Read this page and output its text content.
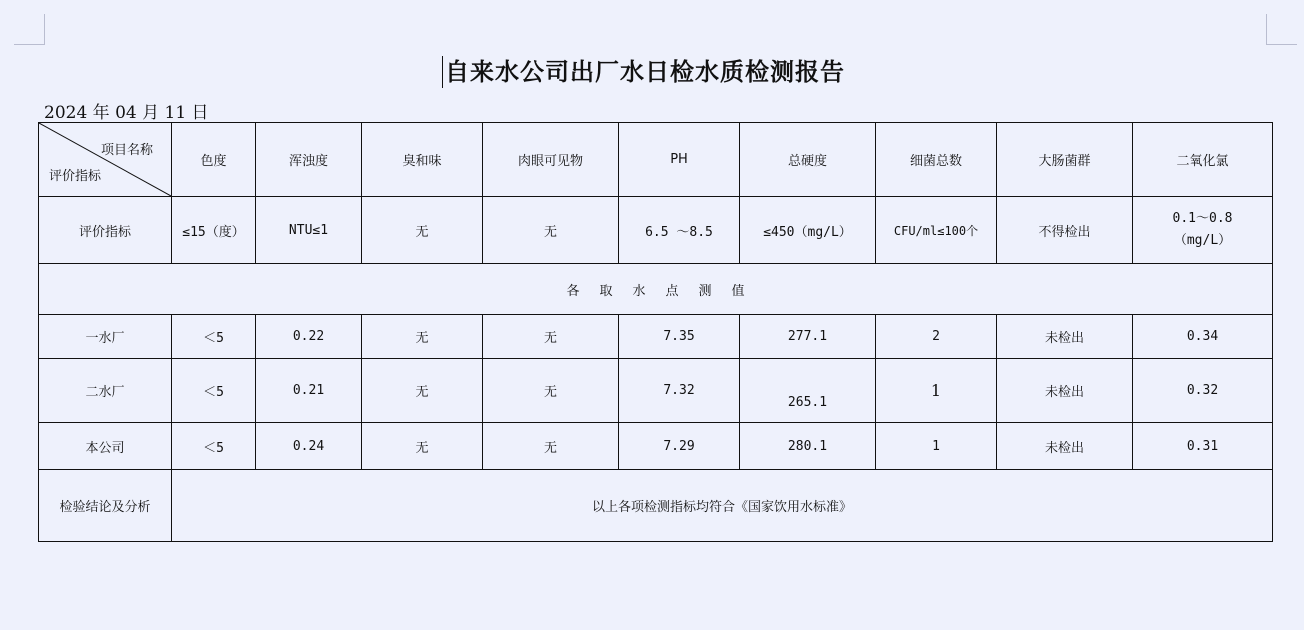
自来水公司出厂水日检水质检测报告
2024 年 04 月 11 日
项目名称
评价指标	色度	浑浊度	臭和味	肉眼可见物	PH	总硬度	细菌总数	大肠菌群	二氧化氯
评价指标	≤15（度）	NTU≤1	无	无	6.5 ～8.5	≤450（mg/L）	CFU/ml≤100个	不得检出	0.1～0.8
（mg/L）

各 取 水 点 测 值									
一水厂	＜5	0.22	无	无	7.35	277.1	2	未检出	0.34
二水厂	＜5	0.21	无	无	7.32	265.1	1	未检出	0.32
本公司	＜5	0.24	无	无	7.29	280.1	1	未检出	0.31
检验结论及分析	以上各项检测指标均符合《国家饮用水标准》								
